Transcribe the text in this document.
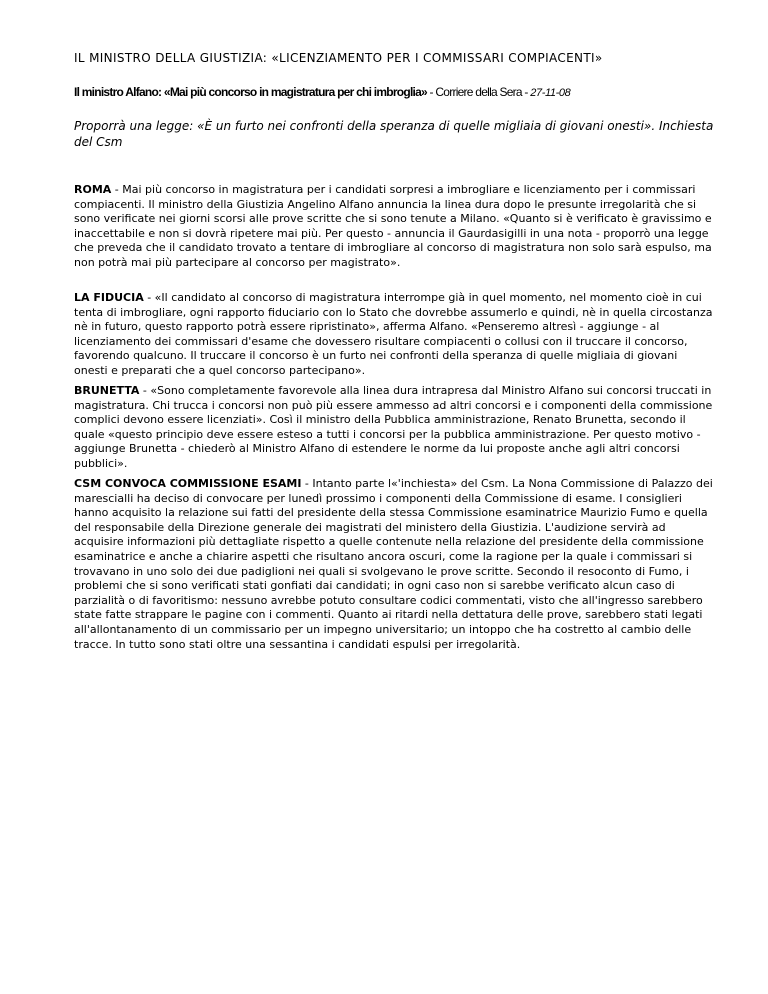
IL MINISTRO DELLA GIUSTIZIA: «LICENZIAMENTO PER I COMMISSARI COMPIACENTI»
Il ministro Alfano: «Mai più concorso in magistratura per chi imbroglia» - Corriere della Sera - 27-11-08
Proporrà una legge: «È un furto nei confronti della speranza di quelle migliaia di giovani onesti». Inchiesta del Csm
ROMA - Mai più concorso in magistratura per i candidati sorpresi a imbrogliare e licenziamento per i commissari compiacenti. Il ministro della Giustizia Angelino Alfano annuncia la linea dura dopo le presunte irregolarità che si sono verificate nei giorni scorsi alle prove scritte che si sono tenute a Milano. «Quanto si è verificato è gravissimo e inaccettabile e non si dovrà ripetere mai più. Per questo - annuncia il Gaurdasigilli in una nota - proporrò una legge che preveda che il candidato trovato a tentare di imbrogliare al concorso di magistratura non solo sarà espulso, ma non potrà mai più partecipare al concorso per magistrato».
LA FIDUCIA - «Il candidato al concorso di magistratura interrompe già in quel momento, nel momento cioè in cui tenta di imbrogliare, ogni rapporto fiduciario con lo Stato che dovrebbe assumerlo e quindi, nè in quella circostanza nè in futuro, questo rapporto potrà essere ripristinato», afferma Alfano. «Penseremo altresì - aggiunge - al licenziamento dei commissari d'esame che dovessero risultare compiacenti o collusi con il truccare il concorso, favorendo qualcuno. Il truccare il concorso è un furto nei confronti della speranza di quelle migliaia di giovani onesti e preparati che a quel concorso partecipano».
BRUNETTA - «Sono completamente favorevole alla linea dura intrapresa dal Ministro Alfano sui concorsi truccati in magistratura. Chi trucca i concorsi non può più essere ammesso ad altri concorsi e i componenti della commissione complici devono essere licenziati». Così il ministro della Pubblica amministrazione, Renato Brunetta, secondo il quale «questo principio deve essere esteso a tutti i concorsi per la pubblica amministrazione. Per questo motivo - aggiunge Brunetta - chiederò al Ministro Alfano di estendere le norme da lui proposte anche agli altri concorsi pubblici».
CSM CONVOCA COMMISSIONE ESAMI - Intanto parte l«'inchiesta» del Csm. La Nona Commissione di Palazzo dei marescialli ha deciso di convocare per lunedì prossimo i componenti della Commissione di esame. I consiglieri hanno acquisito la relazione sui fatti del presidente della stessa Commissione esaminatrice Maurizio Fumo e quella del responsabile della Direzione generale dei magistrati del ministero della Giustizia. L'audizione servirà ad acquisire informazioni più dettagliate rispetto a quelle contenute nella relazione del presidente della commissione esaminatrice e anche a chiarire aspetti che risultano ancora oscuri, come la ragione per la quale i commissari si trovavano in uno solo dei due padiglioni nei quali si svolgevano le prove scritte. Secondo il resoconto di Fumo, i problemi che si sono verificati stati gonfiati dai candidati; in ogni caso non si sarebbe verificato alcun caso di parzialità o di favoritismo: nessuno avrebbe potuto consultare codici commentati, visto che all'ingresso sarebbero state fatte strappare le pagine con i commenti. Quanto ai ritardi nella dettatura delle prove, sarebbero stati legati all'allontanamento di un commissario per un impegno universitario; un intoppo che ha costretto al cambio delle tracce. In tutto sono stati oltre una sessantina i candidati espulsi per irregolarità.
